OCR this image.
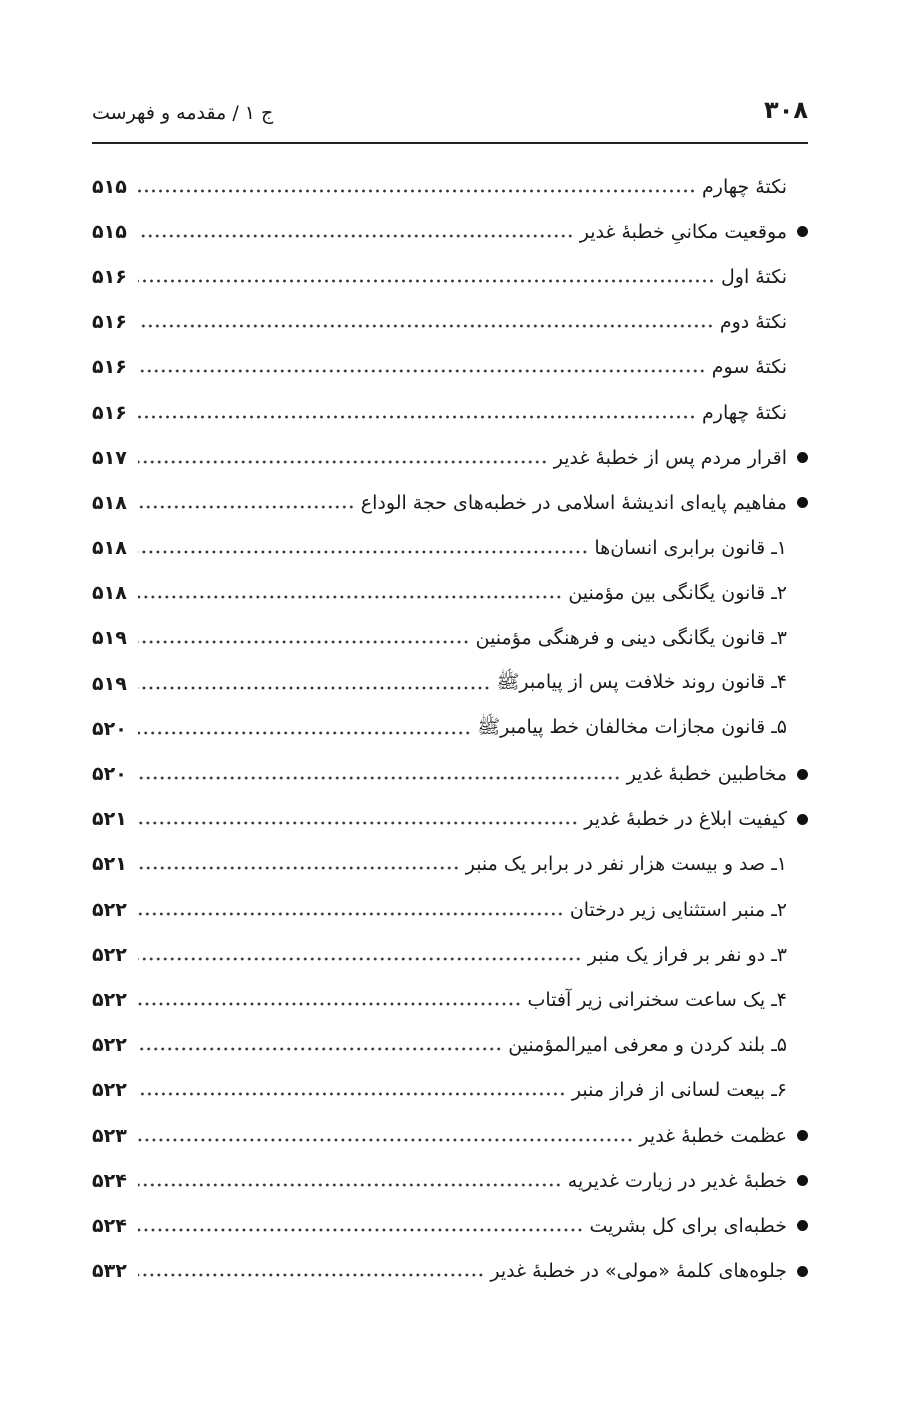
۳۰۸
ج ۱ / مقدمه و فهرست
نکتۀ چهارم
۵۱۵
موقعیت مکانیِ خطبۀ غدیر
۵۱۵
نکتۀ اول
۵۱۶
نکتۀ دوم
۵۱۶
نکتۀ سوم
۵۱۶
نکتۀ چهارم
۵۱۶
اقرار مردم پس از خطبۀ غدیر
۵۱۷
مفاهیم پایه‌ای اندیشۀ اسلامی در خطبه‌های حجة الوداع
۵۱۸
۱ـ قانون برابری انسان‌ها
۵۱۸
۲ـ قانون یگانگی بین مؤمنین
۵۱۸
۳ـ قانون یگانگی دینی و فرهنگی مؤمنین
۵۱۹
۴ـ قانون روند خلافت پس از پیامبرﷺ
۵۱۹
۵ـ قانون مجازات مخالفان خط پیامبرﷺ
۵۲۰
مخاطبین خطبۀ غدیر
۵۲۰
کیفیت ابلاغ در خطبۀ غدیر
۵۲۱
۱ـ صد و بیست هزار نفر در برابر یک منبر
۵۲۱
۲ـ منبر استثنایی زیر درختان
۵۲۲
۳ـ دو نفر بر فراز یک منبر
۵۲۲
۴ـ یک ساعت سخنرانی زیر آفتاب
۵۲۲
۵ـ بلند کردن و معرفی امیرالمؤمنین
۵۲۲
۶ـ بیعت لسانی از فراز منبر
۵۲۲
عظمت خطبۀ غدیر
۵۲۳
خطبۀ غدیر در زیارت غدیریه
۵۲۴
خطبه‌ای برای کل بشریت
۵۲۴
جلوه‌های کلمۀ «مولی» در خطبۀ غدیر
۵۳۲
